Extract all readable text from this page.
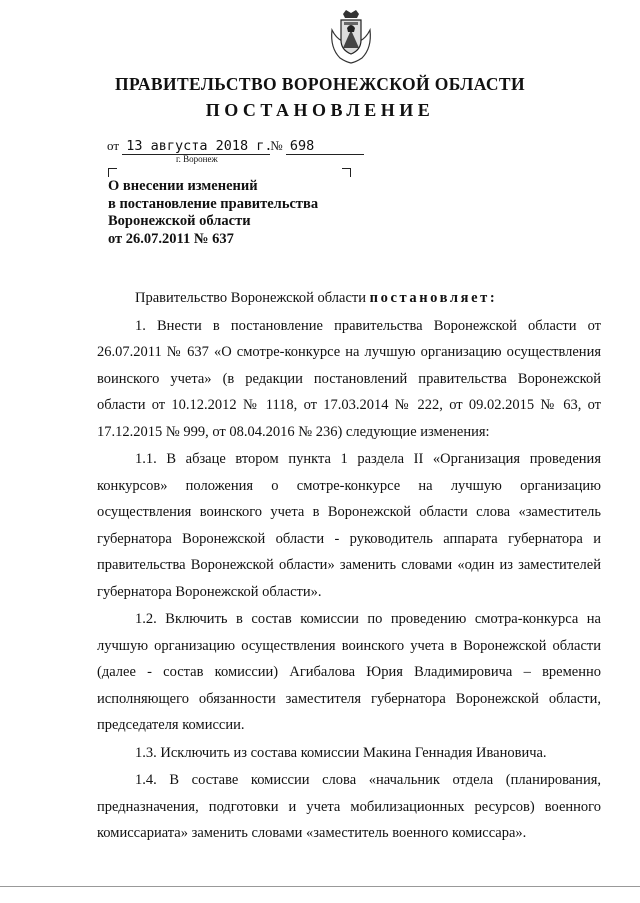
ПРАВИТЕЛЬСТВО ВОРОНЕЖСКОЙ ОБЛАСТИ
ПОСТАНОВЛЕНИЕ
от 13 августа 2018 г.№ 698
г. Воронеж
О внесении изменений
в постановление правительства
Воронежской области
от 26.07.2011 № 637

Правительство Воронежской области постановляет:

1. Внести в постановление правительства Воронежской области от 26.07.2011 № 637 «О смотре-конкурсе на лучшую организацию осуществления воинского учета» (в редакции постановлений правительства Воронежской области от 10.12.2012 № 1118, от 17.03.2014 № 222, от 09.02.2015 № 63, от 17.12.2015 № 999, от 08.04.2016 № 236) следующие изменения:

1.1. В абзаце втором пункта 1 раздела II «Организация проведения конкурсов» положения о смотре-конкурсе на лучшую организацию осуществления воинского учета в Воронежской области слова «заместитель губернатора Воронежской области - руководитель аппарата губернатора и правительства Воронежской области» заменить словами «один из заместителей губернатора Воронежской области».

1.2. Включить в состав комиссии по проведению смотра-конкурса на лучшую организацию осуществления воинского учета в Воронежской области (далее - состав комиссии) Агибалова Юрия Владимировича – временно исполняющего обязанности заместителя губернатора Воронежской области, председателя комиссии.

1.3. Исключить из состава комиссии Макина Геннадия Ивановича.

1.4. В составе комиссии слова «начальник отдела (планирования, предназначения, подготовки и учета мобилизационных ресурсов) военного комиссариата» заменить словами «заместитель военного комиссара».
